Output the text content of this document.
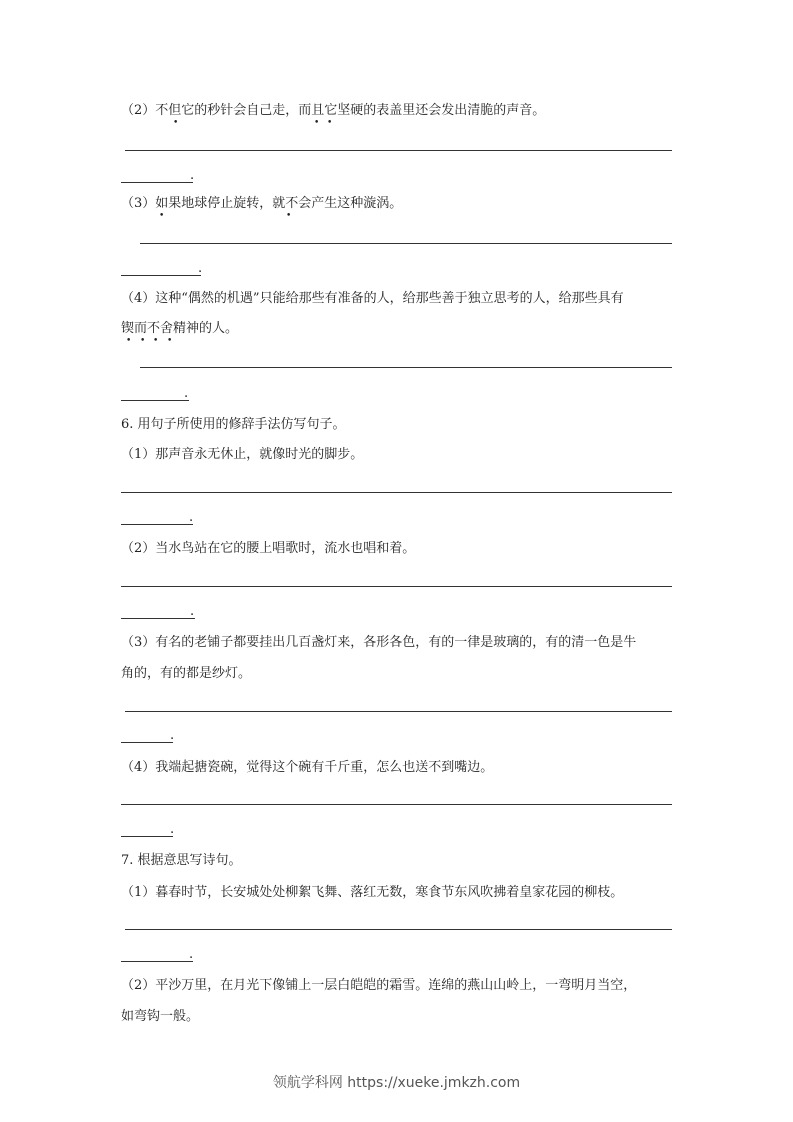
（2）不但它的秒针会自己走，而且它坚硬的表盖里还会发出清脆的声音。
•	• •
.
（3）如果地球停止旋转，就不会产生这种漩涡。
•	•
.
（4）这种“偶然的机遇”只能给那些有准备的人，给那些善于独立思考的人，给那些具有
锲而不舍精神的人。
• • • •
.
6. 用句子所使用的修辞手法仿写句子。
（1）那声音永无休止，就像时光的脚步。
.
（2）当水鸟站在它的腰上唱歌时，流水也唱和着。
.
（3）有名的老铺子都要挂出几百盏灯来，各形各色，有的一律是玻璃的，有的清一色是牛
角的，有的都是纱灯。
.
（4）我端起搪瓷碗，觉得这个碗有千斤重，怎么也送不到嘴边。
.
7. 根据意思写诗句。
（1）暮春时节，长安城处处柳絮飞舞、落红无数，寒食节东风吹拂着皇家花园的柳枝。
.
（2）平沙万里，在月光下像铺上一层白皑皑的霜雪。连绵的燕山山岭上，一弯明月当空，
如弯钩一般。
领航学科网 https://xueke.jmkzh.com
